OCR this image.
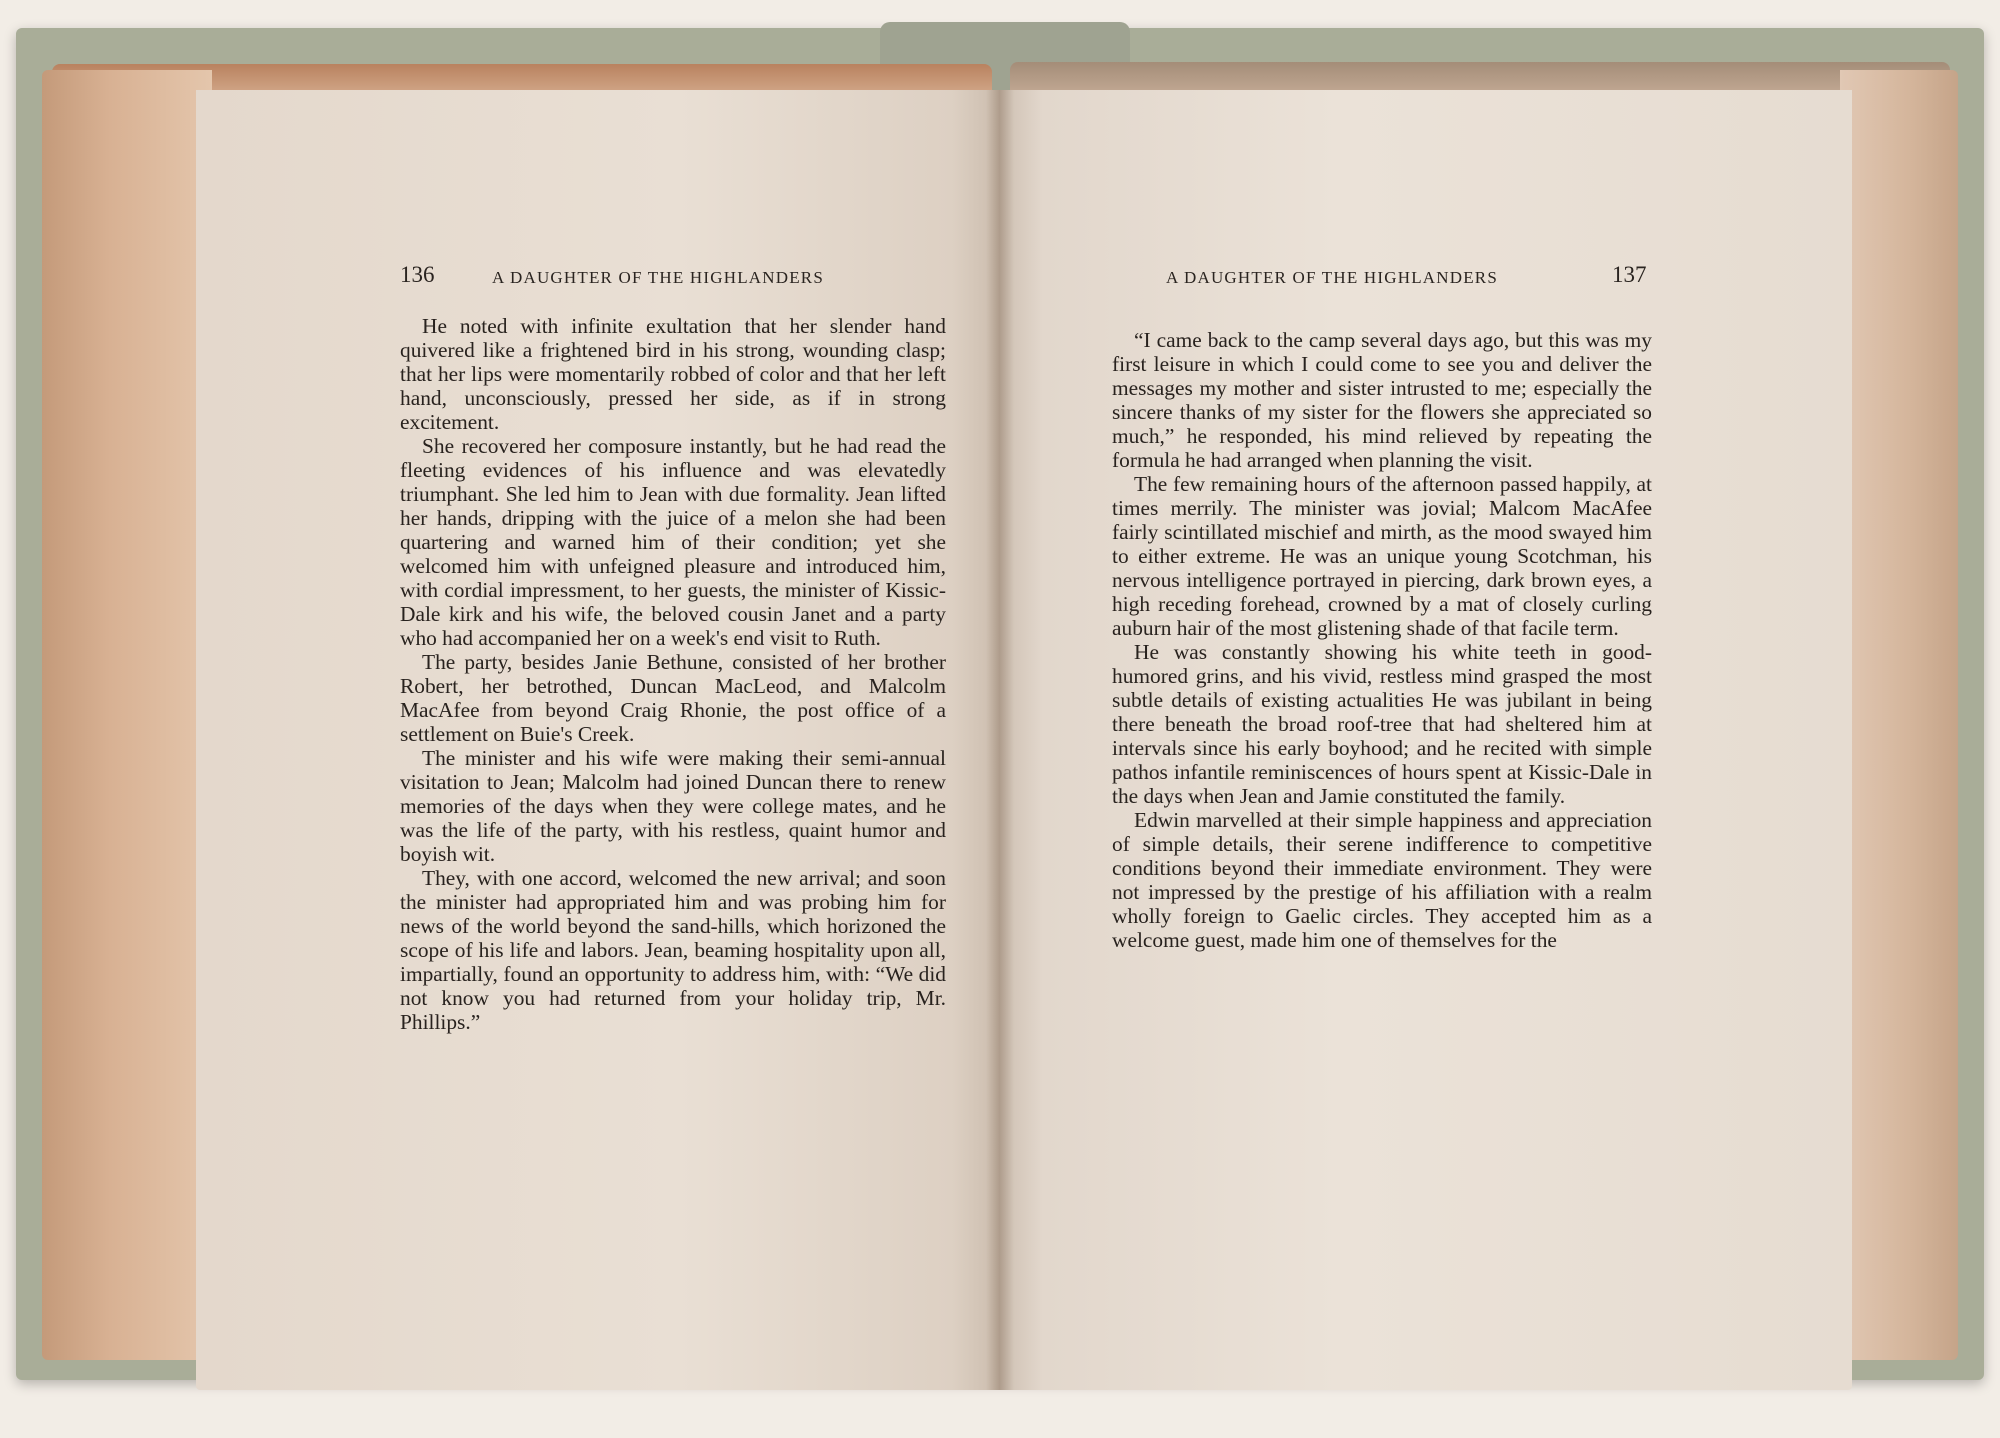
136	A DAUGHTER OF THE HIGHLANDERS	A DAUGHTER OF THE HIGHLANDERS	137

He noted with infinite exultation that her slender hand quivered like a frightened bird in his strong, wounding clasp; that her lips were momentarily robbed of color and that her left hand, unconsciously, pressed her side, as if in strong excitement.

She recovered her composure instantly, but he had read the fleeting evidences of his influence and was elevatedly triumphant. She led him to Jean with due formality. Jean lifted her hands, dripping with the juice of a melon she had been quartering and warned him of their condition; yet she welcomed him with unfeigned pleasure and introduced him, with cordial impressment, to her guests, the minister of Kissic-Dale kirk and his wife, the beloved cousin Janet and a party who had accompanied her on a week's end visit to Ruth.

The party, besides Janie Bethune, consisted of her brother Robert, her betrothed, Duncan MacLeod, and Malcolm MacAfee from beyond Craig Rhonie, the post office of a settlement on Buie's Creek.

The minister and his wife were making their semi-annual visitation to Jean; Malcolm had joined Duncan there to renew memories of the days when they were college mates, and he was the life of the party, with his restless, quaint humor and boyish wit.

They, with one accord, welcomed the new arrival; and soon the minister had appropriated him and was probing him for news of the world beyond the sand-hills, which horizoned the scope of his life and labors. Jean, beaming hospitality upon all, impartially, found an opportunity to address him, with: “We did not know you had returned from your holiday trip, Mr. Phillips.”

“I came back to the camp several days ago, but this was my first leisure in which I could come to see you and deliver the messages my mother and sister intrusted to me; especially the sincere thanks of my sister for the flowers she appreciated so much,” he responded, his mind relieved by repeating the formula he had arranged when planning the visit.

The few remaining hours of the afternoon passed happily, at times merrily. The minister was jovial; Malcom MacAfee fairly scintillated mischief and mirth, as the mood swayed him to either extreme. He was an unique young Scotchman, his nervous intelligence portrayed in piercing, dark brown eyes, a high receding forehead, crowned by a mat of closely curling auburn hair of the most glistening shade of that facile term.

He was constantly showing his white teeth in good-humored grins, and his vivid, restless mind grasped the most subtle details of existing actualities He was jubilant in being there beneath the broad roof-tree that had sheltered him at intervals since his early boyhood; and he recited with simple pathos infantile reminiscences of hours spent at Kissic-Dale in the days when Jean and Jamie constituted the family.

Edwin marvelled at their simple happiness and appreciation of simple details, their serene indifference to competitive conditions beyond their immediate environment. They were not impressed by the prestige of his affiliation with a realm wholly foreign to Gaelic circles. They accepted him as a welcome guest, made him one of themselves for the
